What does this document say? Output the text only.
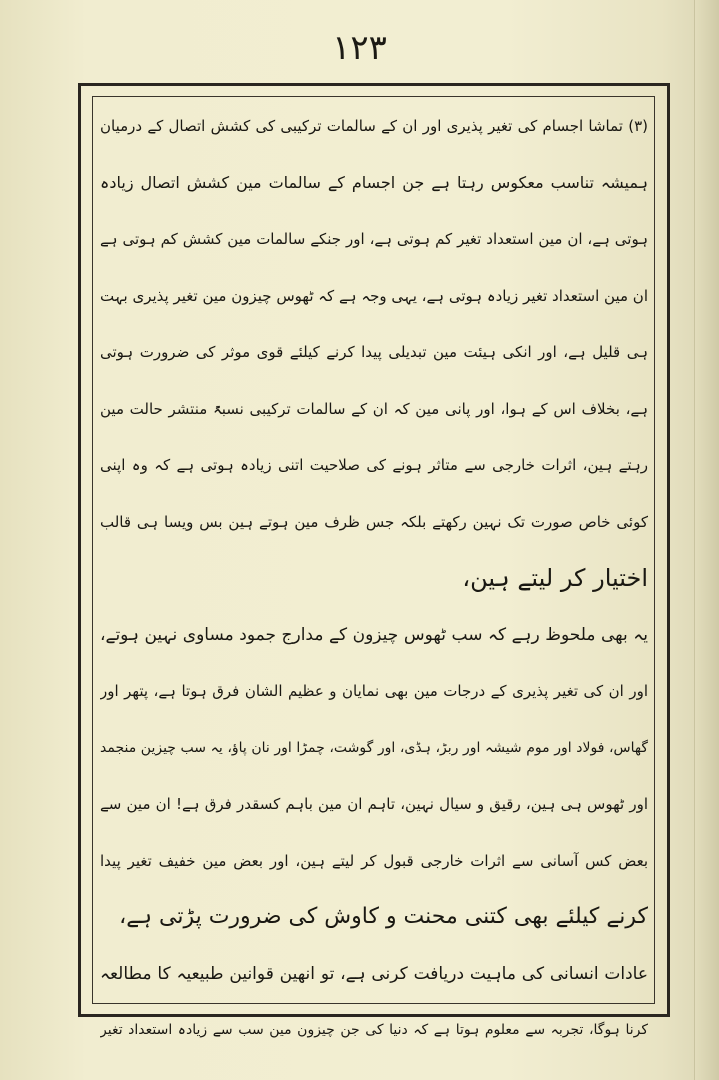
۱۲۳
(۳) تماشا اجسام کی تغیر پذیری اور ان کے سالمات ترکیبی کی کشش اتصال کے درمیان
ہمیشہ تناسب معکوس رہتا ہے جن اجسام کے سالمات مین کشش اتصال زیادہ
ہوتی ہے، ان مین استعداد تغیر کم ہوتی ہے، اور جنکے سالمات مین کشش کم ہوتی ہے
ان مین استعداد تغیر زیادہ ہوتی ہے، یہی وجہ ہے کہ ٹھوس چیزون مین تغیر پذیری بہت
ہی قلیل ہے، اور انکی ہیئت مین تبدیلی پیدا کرنے کیلئے قوی موثر کی ضرورت ہوتی
ہے، بخلاف اس کے ہوا، اور پانی مین کہ ان کے سالمات ترکیبی نسبۃً منتشر حالت مین
رہتے ہین، اثرات خارجی سے متاثر ہونے کی صلاحیت اتنی زیادہ ہوتی ہے کہ وہ اپنی
کوئی خاص صورت تک نہین رکھتے بلکہ جس ظرف مین ہوتے ہین بس ویسا ہی قالب
اختیار کر لیتے ہین،
یہ بھی ملحوظ رہے کہ سب ٹھوس چیزون کے مدارج جمود مساوی نہین ہوتے،
اور ان کی تغیر پذیری کے درجات مین بھی نمایان و عظیم الشان فرق ہوتا ہے، پتھر اور
گھاس، فولاد اور موم شیشہ اور ربڑ، ہڈی، اور گوشت، چمڑا اور نان پاؤ، یہ سب چیزین منجمد
اور ٹھوس ہی ہین، رقیق و سیال نہین، تاہم ان مین باہم کسقدر فرق ہے! ان مین سے
بعض کس آسانی سے اثرات خارجی قبول کر لیتے ہین، اور بعض مین خفیف تغیر پیدا
کرنے کیلئے بھی کتنی محنت و کاوش کی ضرورت پڑتی ہے،
عادات انسانی کی ماہیت دریافت کرنی ہے، تو انھین قوانین طبیعیہ کا مطالعہ
کرنا ہوگا، تجربہ سے معلوم ہوتا ہے کہ دنیا کی جن چیزون مین سب سے زیادہ استعداد تغیر
